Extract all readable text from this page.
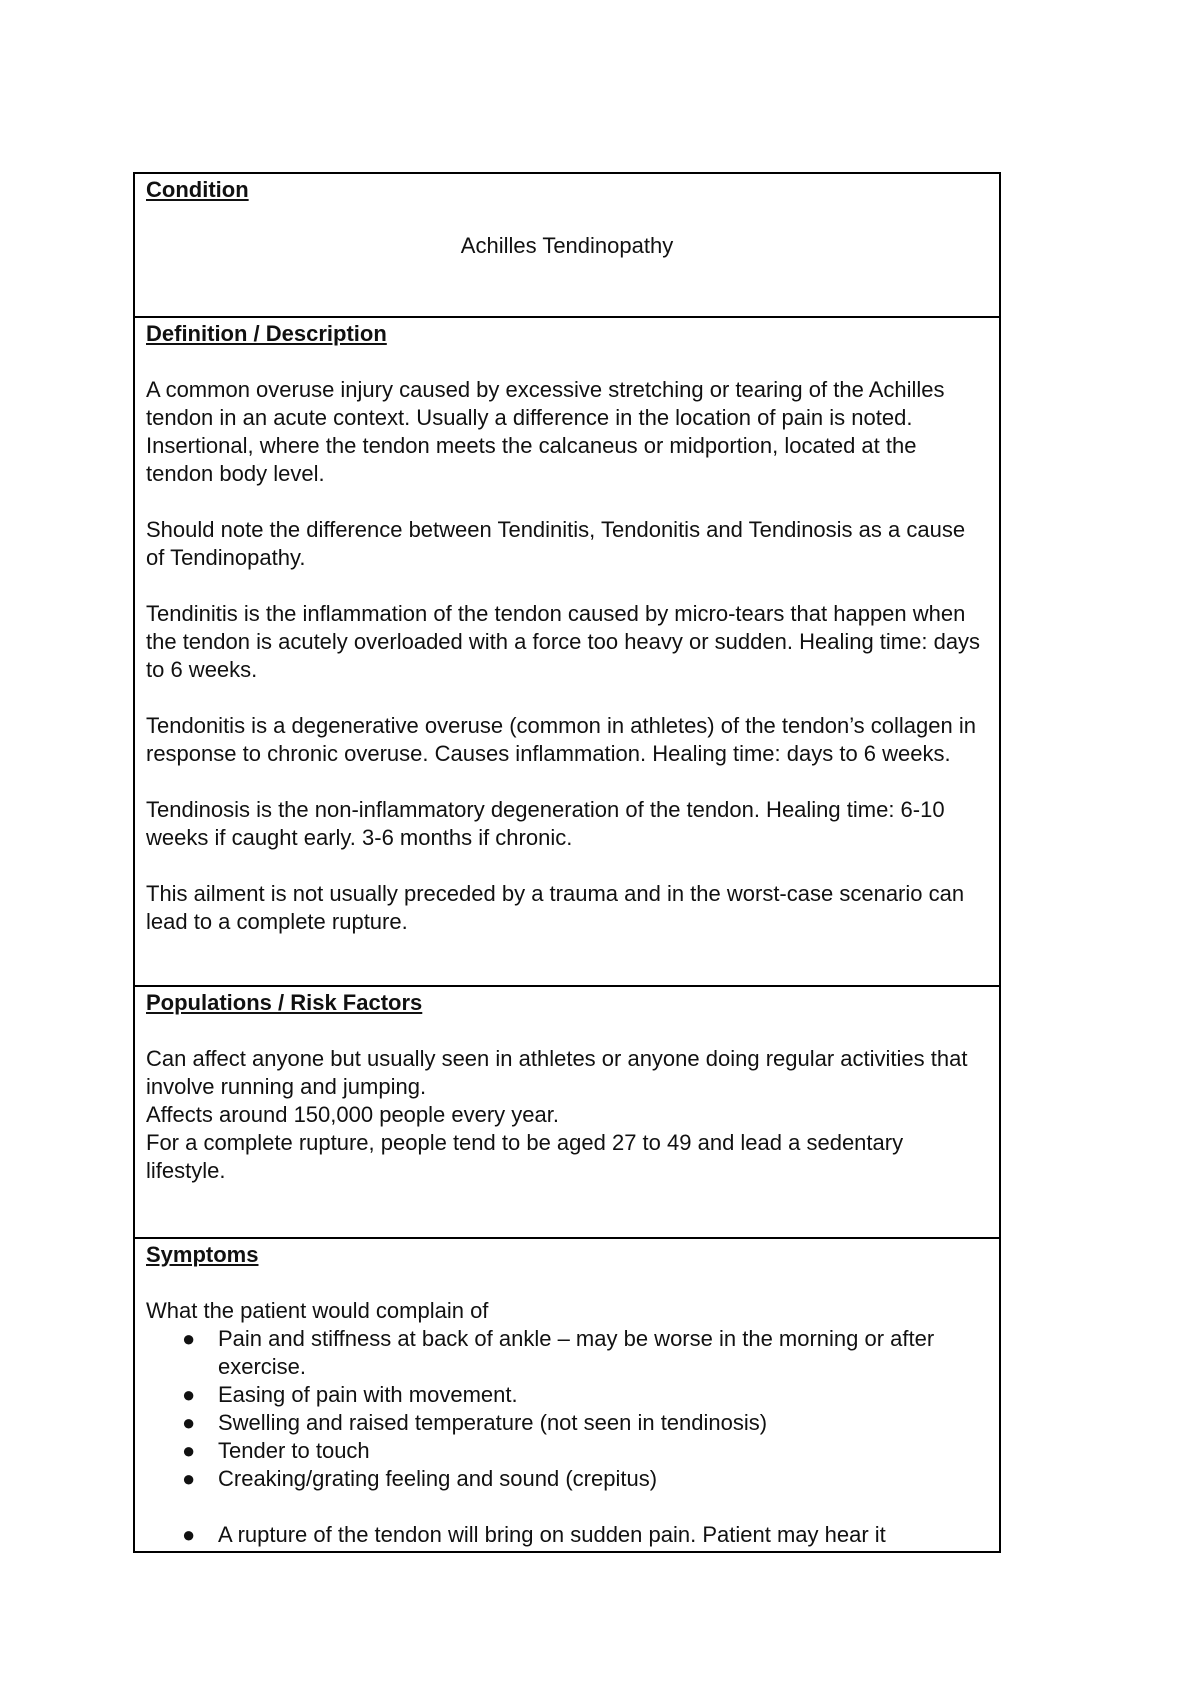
Condition

Achilles Tendinopathy

Definition / Description

A common overuse injury caused by excessive stretching or tearing of the Achilles tendon in an acute context. Usually a difference in the location of pain is noted. Insertional, where the tendon meets the calcaneus or midportion, located at the tendon body level.

Should note the difference between Tendinitis, Tendonitis and Tendinosis as a cause of Tendinopathy.

Tendinitis is the inflammation of the tendon caused by micro-tears that happen when the tendon is acutely overloaded with a force too heavy or sudden. Healing time: days to 6 weeks.

Tendonitis is a degenerative overuse (common in athletes) of the tendon’s collagen in response to chronic overuse. Causes inflammation. Healing time: days to 6 weeks.

Tendinosis is the non-inflammatory degeneration of the tendon. Healing time: 6-10 weeks if caught early. 3-6 months if chronic.

This ailment is not usually preceded by a trauma and in the worst-case scenario can lead to a complete rupture.

Populations / Risk Factors

Can affect anyone but usually seen in athletes or anyone doing regular activities that involve running and jumping.

Affects around 150,000 people every year.

For a complete rupture, people tend to be aged 27 to 49 and lead a sedentary lifestyle.

Symptoms

What the patient would complain of

● Pain and stiffness at back of ankle – may be worse in the morning or after exercise.
● Easing of pain with movement.
● Swelling and raised temperature (not seen in tendinosis)
● Tender to touch
● Creaking/grating feeling and sound (crepitus)
● A rupture of the tendon will bring on sudden pain. Patient may hear it
